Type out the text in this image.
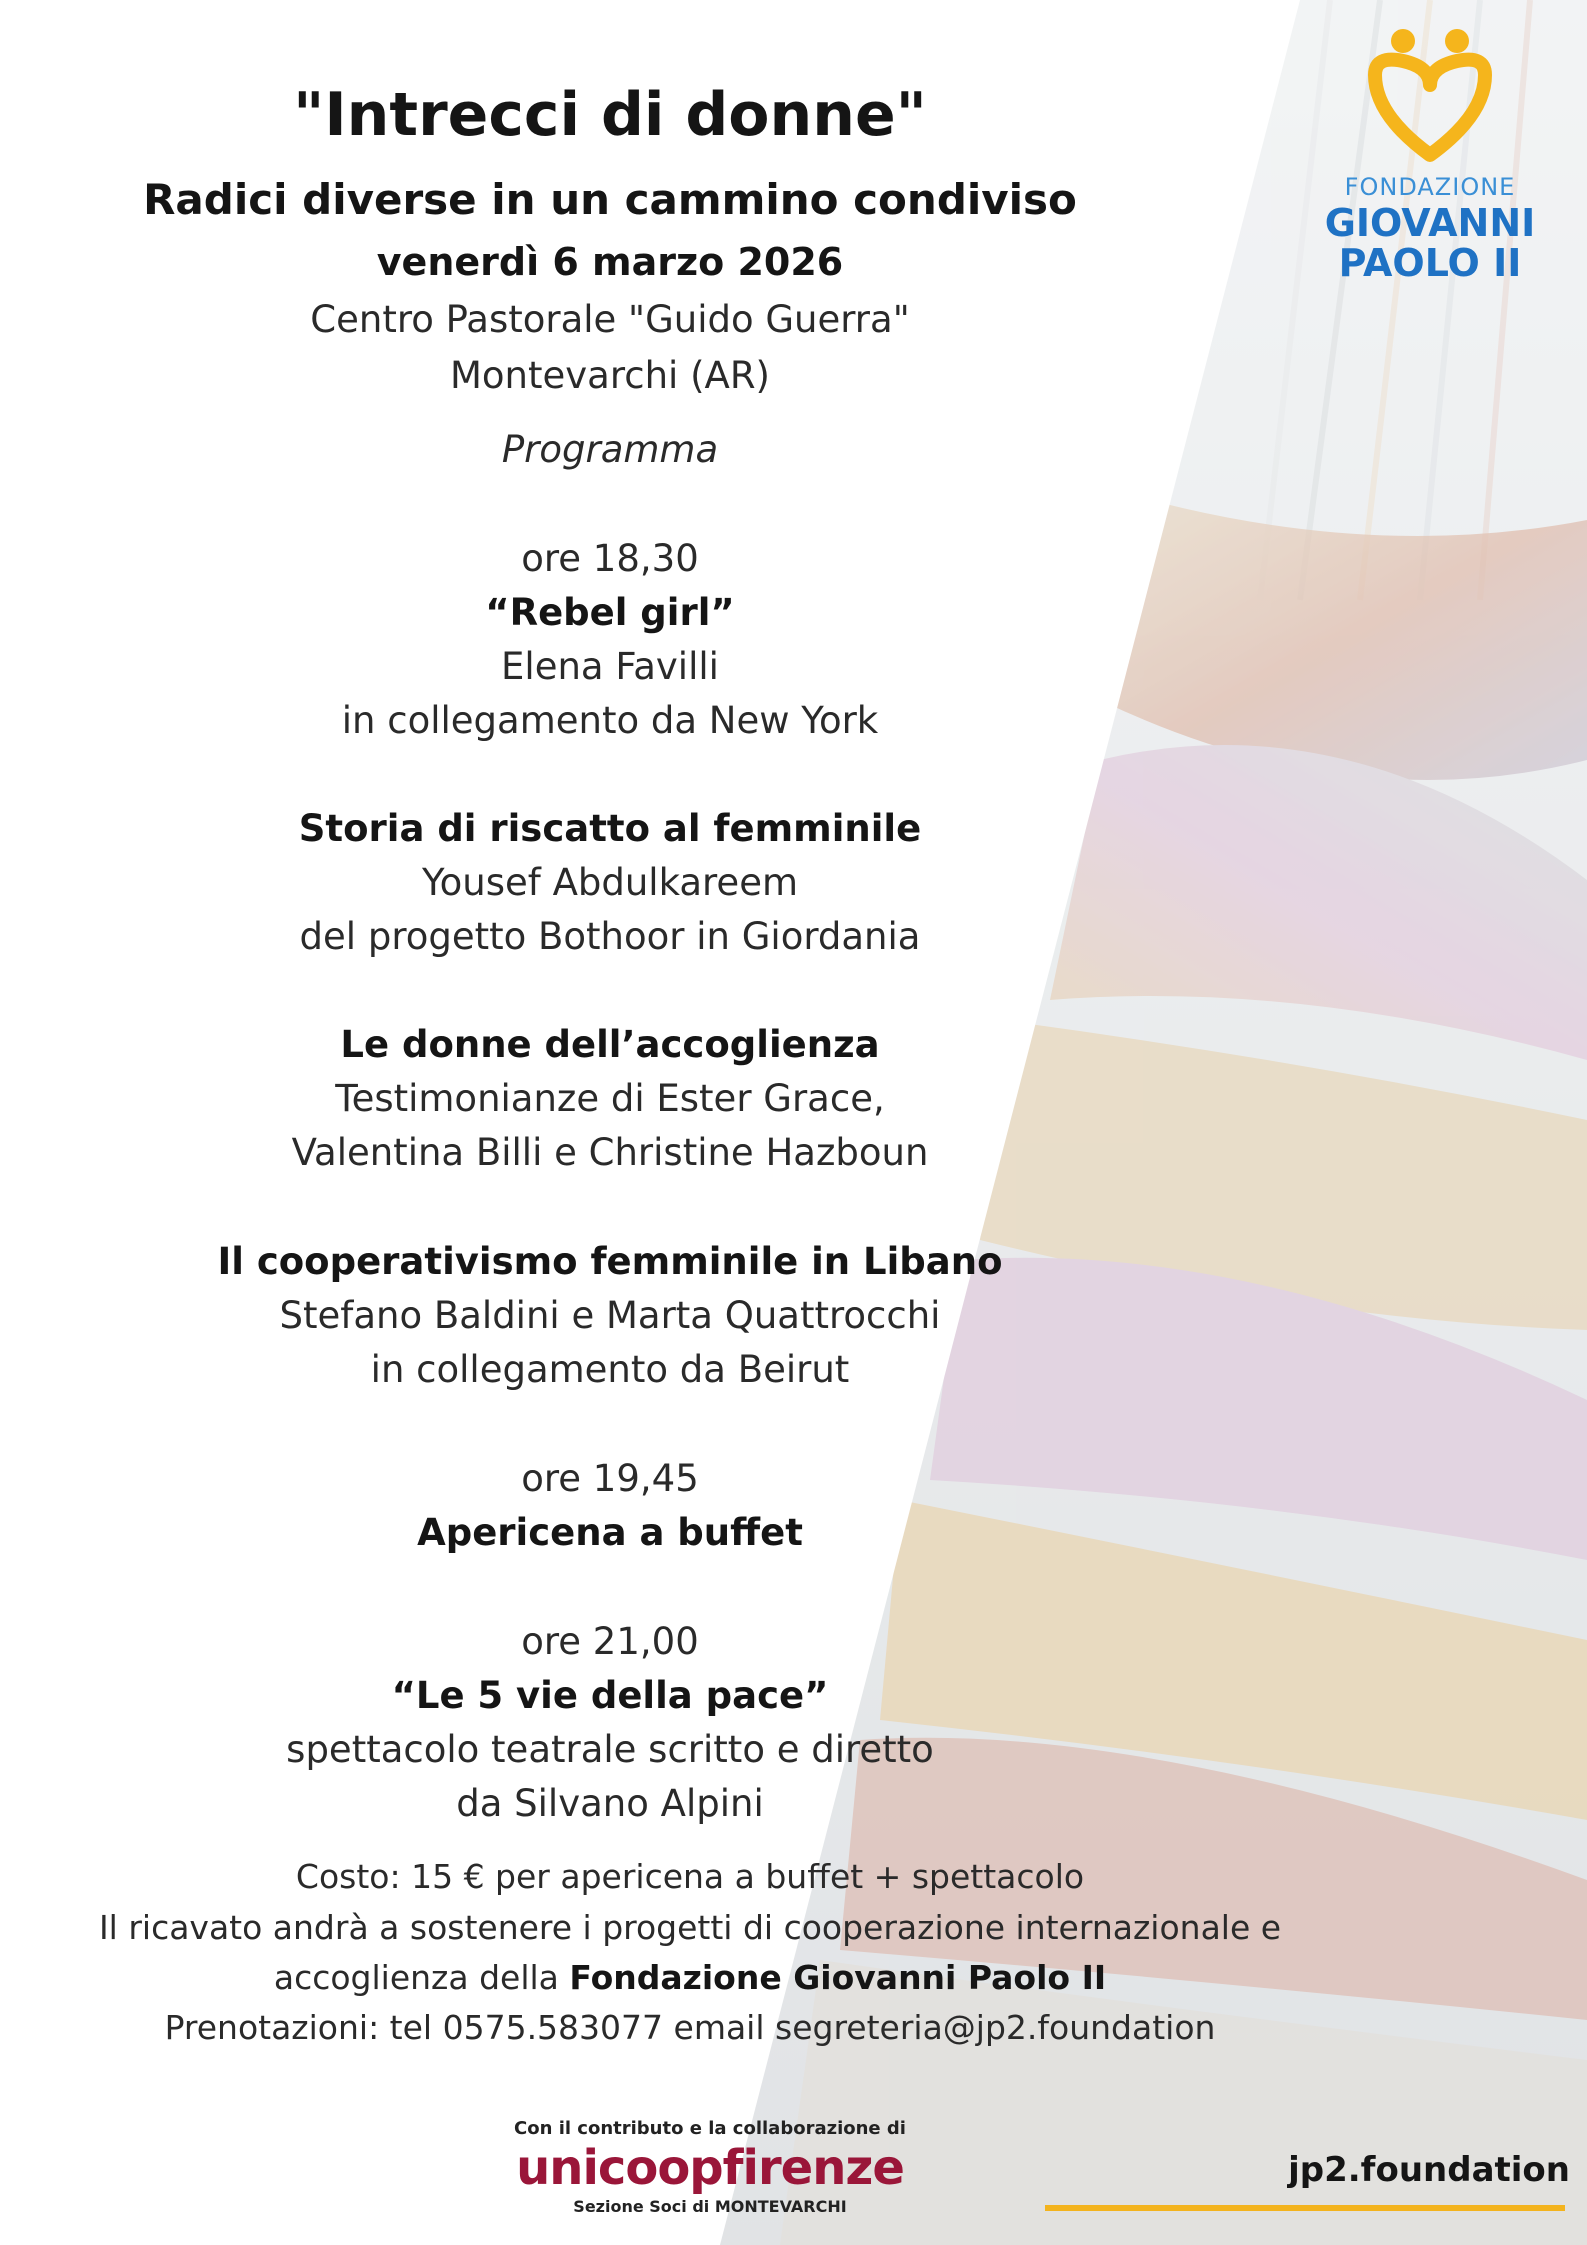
FONDAZIONE
GIOVANNI
PAOLO II
"Intrecci di donne"
Radici diverse in un cammino condiviso
venerdì 6 marzo 2026
Centro Pastorale "Guido Guerra"
Montevarchi (AR)
Programma
ore 18,30
“Rebel girl”
Elena Favilli
in collegamento da New York
Storia di riscatto al femminile
Yousef Abdulkareem
del progetto Bothoor in Giordania
Le donne dell’accoglienza
Testimonianze di Ester Grace,
Valentina Billi e Christine Hazboun
Il cooperativismo femminile in Libano
Stefano Baldini e Marta Quattrocchi
in collegamento da Beirut
ore 19,45
Apericena a buffet
ore 21,00
“Le 5 vie della pace”
spettacolo teatrale scritto e diretto
da Silvano Alpini
Costo: 15 € per apericena a buffet + spettacolo
Il ricavato andrà a sostenere i progetti di cooperazione internazionale e
accoglienza della Fondazione Giovanni Paolo II
Prenotazioni: tel 0575.583077 email segreteria@jp2.foundation
Con il contributo e la collaborazione di
unicoopfirenze
Sezione Soci di MONTEVARCHI
jp2.foundation
